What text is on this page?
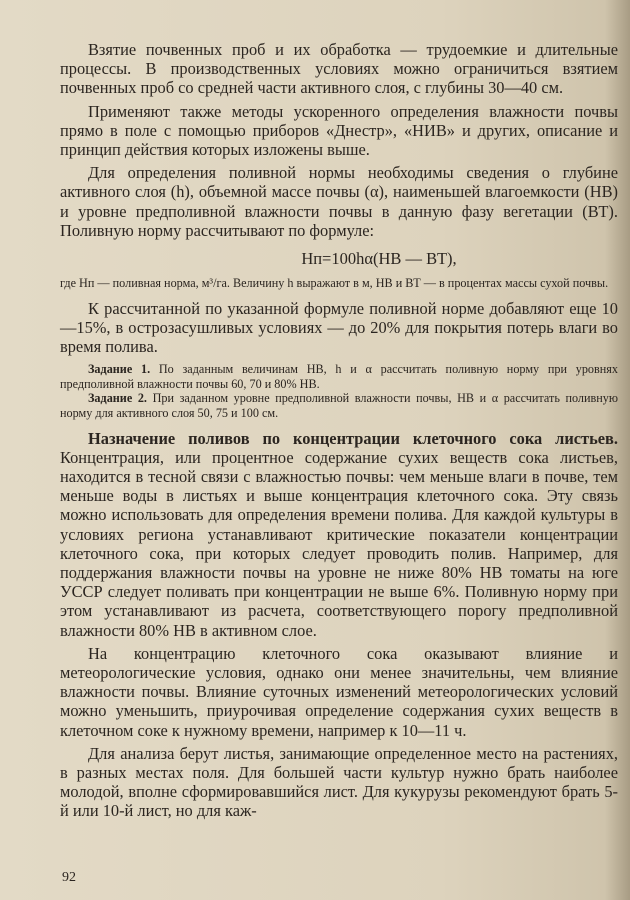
Взятие почвенных проб и их обработка — трудоемкие и длительные процессы. В производственных условиях можно ограничиться взятием почвенных проб со средней части активного слоя, с глубины 30—40 см.

Применяют также методы ускоренного определения влажности почвы прямо в поле с помощью приборов «Днестр», «НИВ» и других, описание и принцип действия которых изложены выше.

Для определения поливной нормы необходимы сведения о глубине активного слоя (h), объемной массе почвы (α), наименьшей влагоемкости (НВ) и уровне предполивной влажности почвы в данную фазу вегетации (ВТ). Поливную норму рассчитывают по формуле:

Hп=100hα(НВ — ВТ),

где Hп — поливная норма, м³/га. Величину h выражают в м, НВ и ВТ — в процентах массы сухой почвы.

К рассчитанной по указанной формуле поливной норме добавляют еще 10—15%, в острозасушливых условиях — до 20% для покрытия потерь влаги во время полива.

Задание 1. По заданным величинам НВ, h и α рассчитать поливную норму при уровнях предполивной влажности почвы 60, 70 и 80% НВ.

Задание 2. При заданном уровне предполивной влажности почвы, НВ и α рассчитать поливную норму для активного слоя 50, 75 и 100 см.

Назначение поливов по концентрации клеточного сока листьев. Концентрация, или процентное содержание сухих веществ сока листьев, находится в тесной связи с влажностью почвы: чем меньше влаги в почве, тем меньше воды в листьях и выше концентрация клеточного сока. Эту связь можно использовать для определения времени полива. Для каждой культуры в условиях региона устанавливают критические показатели концентрации клеточного сока, при которых следует проводить полив. Например, для поддержания влажности почвы на уровне не ниже 80% НВ томаты на юге УССР следует поливать при концентрации не выше 6%. Поливную норму при этом устанавливают из расчета, соответствующего порогу предполивной влажности 80% НВ в активном слое.

На концентрацию клеточного сока оказывают влияние и метеорологические условия, однако они менее значительны, чем влияние влажности почвы. Влияние суточных изменений метеорологических условий можно уменьшить, приурочивая определение содержания сухих веществ в клеточном соке к нужному времени, например к 10—11 ч.

Для анализа берут листья, занимающие определенное место на растениях, в разных местах поля. Для большей части культур нужно брать наиболее молодой, вполне сформировавшийся лист. Для кукурузы рекомендуют брать 5-й или 10-й лист, но для каж-

92
